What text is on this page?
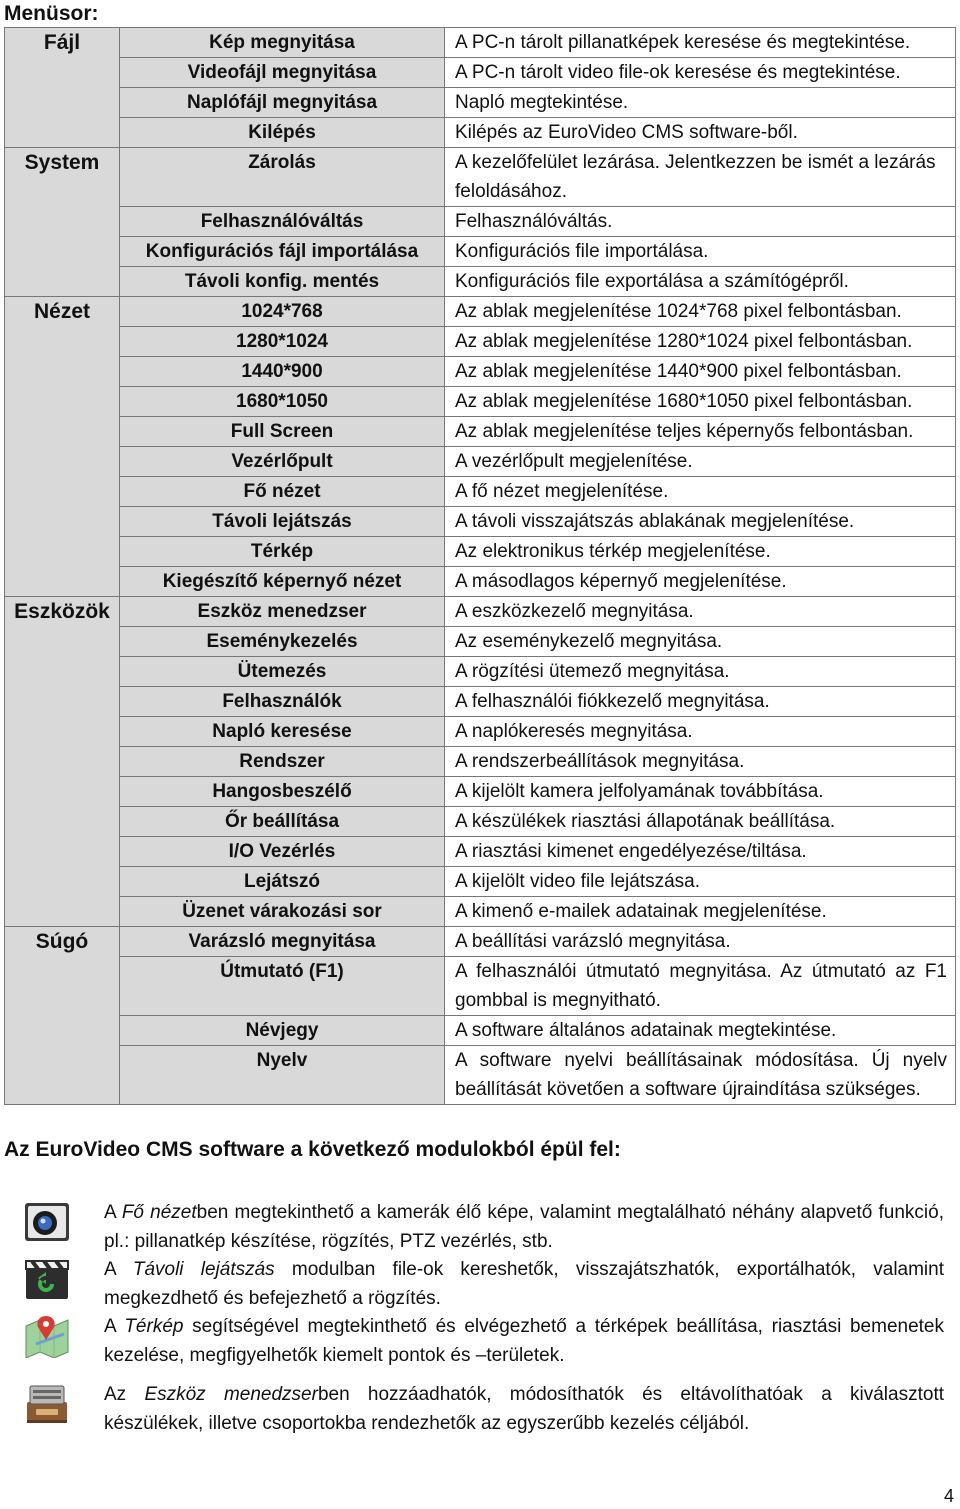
Menüsor:
Fájl	Kép megnyitása	A PC-n tárolt pillanatképek keresése és megtekintése.
	Videofájl megnyitása	A PC-n tárolt video file-ok keresése és megtekintése.
	Naplófájl megnyitása	Napló megtekintése.
	Kilépés	Kilépés az EuroVideo CMS software-ből.
System	Zárolás	A kezelőfelület lezárása. Jelentkezzen be ismét a lezárás feloldásához.
	Felhasználóváltás	Felhasználóváltás.
	Konfigurációs fájl importálása	Konfigurációs file importálása.
	Távoli konfig. mentés	Konfigurációs file exportálása a számítógépről.
Nézet	1024*768	Az ablak megjelenítése 1024*768 pixel felbontásban.
	1280*1024	Az ablak megjelenítése 1280*1024 pixel felbontásban.
	1440*900	Az ablak megjelenítése 1440*900 pixel felbontásban.
	1680*1050	Az ablak megjelenítése 1680*1050 pixel felbontásban.
	Full Screen	Az ablak megjelenítése teljes képernyős felbontásban.
	Vezérlőpult	A vezérlőpult megjelenítése.
	Fő nézet	A fő nézet megjelenítése.
	Távoli lejátszás	A távoli visszajátszás ablakának megjelenítése.
	Térkép	Az elektronikus térkép megjelenítése.
	Kiegészítő képernyő nézet	A másodlagos képernyő megjelenítése.
Eszközök	Eszköz menedzser	A eszközkezelő megnyitása.
	Eseménykezelés	Az eseménykezelő megnyitása.
	Ütemezés	A rögzítési ütemező megnyitása.
	Felhasználók	A felhasználói fiókkezelő megnyitása.
	Napló keresése	A naplókeresés megnyitása.
	Rendszer	A rendszerbeállítások megnyitása.
	Hangosbeszélő	A kijelölt kamera jelfolyamának továbbítása.
	Őr beállítása	A készülékek riasztási állapotának beállítása.
	I/O Vezérlés	A riasztási kimenet engedélyezése/tiltása.
	Lejátszó	A kijelölt video file lejátszása.
	Üzenet várakozási sor	A kimenő e-mailek adatainak megjelenítése.
Súgó	Varázsló megnyitása	A beállítási varázsló megnyitása.
	Útmutató (F1)	A felhasználói útmutató megnyitása. Az útmutató az F1 gombbal is megnyitható.
	Névjegy	A software általános adatainak megtekintése.
	Nyelv	A software nyelvi beállításainak módosítása. Új nyelv beállítását követően a software újraindítása szükséges.
Az EuroVideo CMS software a következő modulokból épül fel:
A Fő nézetben megtekinthető a kamerák élő képe, valamint megtalálható néhány alapvető funkció, pl.: pillanatkép készítése, rögzítés, PTZ vezérlés, stb.
A Távoli lejátszás modulban file-ok kereshetők, visszajátszhatók, exportálhatók, valamint megkezdhető és befejezhető a rögzítés.
A Térkép segítségével megtekinthető és elvégezhető a térképek beállítása, riasztási bemenetek kezelése, megfigyelhetők kiemelt pontok és –területek.
Az Eszköz menedzserben hozzáadhatók, módosíthatók és eltávolíthatóak a kiválasztott készülékek, illetve csoportokba rendezhetők az egyszerűbb kezelés céljából.
4
